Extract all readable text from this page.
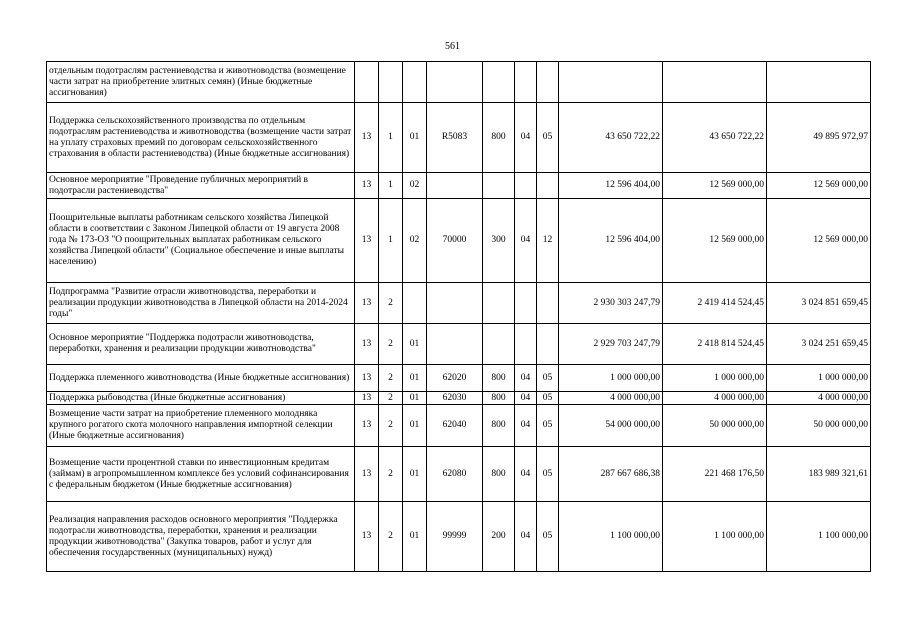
561
отдельным подотраслям растениеводства и животноводства (возмещение части затрат на приобретение элитных семян) (Иные бюджетные ассигнования)										
Поддержка сельскохозяйственного производства по отдельным подотраслям растениеводства и животноводства (возмещение части затрат на уплату страховых премий по договорам сельскохозяйственного страхования в области растениеводства) (Иные бюджетные ассигнования)	13	1	01	R5083	800	04	05	43 650 722,22	43 650 722,22	49 895 972,97
Основное мероприятие "Проведение публичных мероприятий в подотрасли растениеводства"	13	1	02					12 596 404,00	12 569 000,00	12 569 000,00
Поощрительные выплаты работникам сельского хозяйства Липецкой области в соответствии с Законом Липецкой области от 19 августа 2008 года № 173-ОЗ "О поощрительных выплатах работникам сельского хозяйства Липецкой области" (Социальное обеспечение и иные выплаты населению)	13	1	02	70000	300	04	12	12 596 404,00	12 569 000,00	12 569 000,00
Подпрограмма "Развитие отрасли животноводства, переработки и реализации продукции животноводства в Липецкой области на 2014-2024 годы"	13	2						2 930 303 247,79	2 419 414 524,45	3 024 851 659,45
Основное мероприятие "Поддержка подотрасли животноводства, переработки, хранения и реализации продукции животноводства"	13	2	01					2 929 703 247,79	2 418 814 524,45	3 024 251 659,45
Поддержка племенного животноводства (Иные бюджетные ассигнования)	13	2	01	62020	800	04	05	1 000 000,00	1 000 000,00	1 000 000,00
Поддержка рыбоводства (Иные бюджетные ассигнования)	13	2	01	62030	800	04	05	4 000 000,00	4 000 000,00	4 000 000,00
Возмещение части затрат на приобретение племенного молодняка крупного рогатого скота молочного направления импортной селекции (Иные бюджетные ассигнования)	13	2	01	62040	800	04	05	54 000 000,00	50 000 000,00	50 000 000,00
Возмещение части процентной ставки по инвестиционным кредитам (займам) в агропромышленном комплексе без условий софинансирования с федеральным бюджетом (Иные бюджетные ассигнования)	13	2	01	62080	800	04	05	287 667 686,38	221 468 176,50	183 989 321,61
Реализация направления расходов основного мероприятия "Поддержка подотрасли животноводства, переработки, хранения и реализации продукции животноводства" (Закупка товаров, работ и услуг для обеспечения государственных (муниципальных) нужд)	13	2	01	99999	200	04	05	1 100 000,00	1 100 000,00	1 100 000,00
